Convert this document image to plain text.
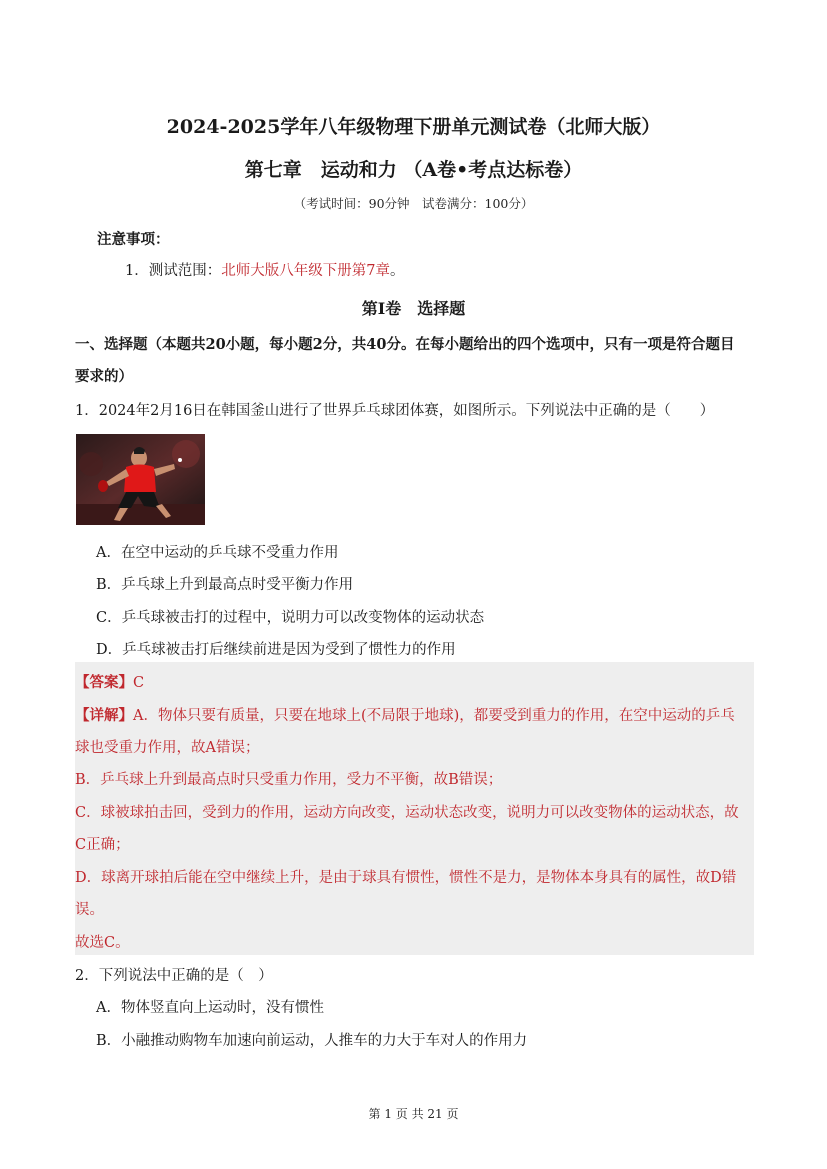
2024-2025学年八年级物理下册单元测试卷（北师大版）
第七章　运动和力 （A卷•考点达标卷）
（考试时间：90分钟　试卷满分：100分）
注意事项：
1．测试范围：北师大版八年级下册第7章。
第Ⅰ卷　选择题
一、选择题（本题共20小题，每小题2分，共40分。在每小题给出的四个选项中，只有一项是符合题目
要求的）
1．2024年2月16日在韩国釜山进行了世界乒乓球团体赛，如图所示。下列说法中正确的是（　　）
A．在空中运动的乒乓球不受重力作用
B．乒乓球上升到最高点时受平衡力作用
C．乒乓球被击打的过程中，说明力可以改变物体的运动状态
D．乒乓球被击打后继续前进是因为受到了惯性力的作用
【答案】C
【详解】A．物体只要有质量，只要在地球上(不局限于地球)，都要受到重力的作用，在空中运动的乒乓
球也受重力作用，故A错误；
B．乒乓球上升到最高点时只受重力作用，受力不平衡，故B错误；
C．球被球拍击回，受到力的作用，运动方向改变，运动状态改变，说明力可以改变物体的运动状态，故
C正确；
D．球离开球拍后能在空中继续上升，是由于球具有惯性，惯性不是力，是物体本身具有的属性，故D错
误。
故选C。
2．下列说法中正确的是（　）
A．物体竖直向上运动时，没有惯性
B．小融推动购物车加速向前运动，人推车的力大于车对人的作用力
第 1 页 共 21 页
